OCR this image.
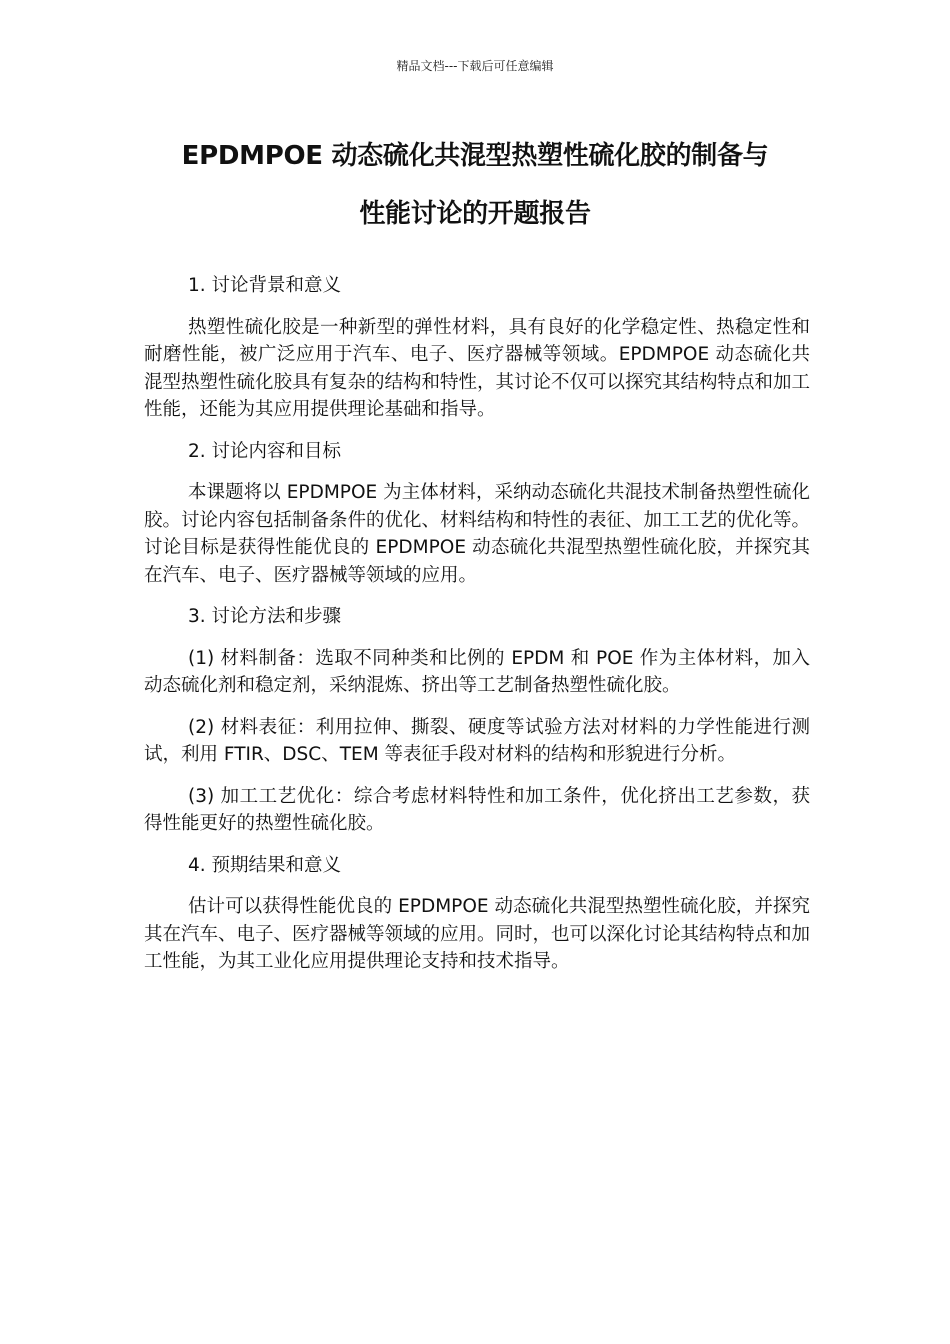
精品文档---下载后可任意编辑
EPDMPOE 动态硫化共混型热塑性硫化胶的制备与
性能讨论的开题报告

1. 讨论背景和意义

热塑性硫化胶是一种新型的弹性材料，具有良好的化学稳定性、热稳定性和耐磨性能，被广泛应用于汽车、电子、医疗器械等领域。EPDMPOE 动态硫化共混型热塑性硫化胶具有复杂的结构和特性，其讨论不仅可以探究其结构特点和加工性能，还能为其应用提供理论基础和指导。

2. 讨论内容和目标

本课题将以 EPDMPOE 为主体材料，采纳动态硫化共混技术制备热塑性硫化胶。讨论内容包括制备条件的优化、材料结构和特性的表征、加工工艺的优化等。讨论目标是获得性能优良的 EPDMPOE 动态硫化共混型热塑性硫化胶，并探究其在汽车、电子、医疗器械等领域的应用。

3. 讨论方法和步骤

(1) 材料制备：选取不同种类和比例的 EPDM 和 POE 作为主体材料，加入动态硫化剂和稳定剂，采纳混炼、挤出等工艺制备热塑性硫化胶。

(2) 材料表征：利用拉伸、撕裂、硬度等试验方法对材料的力学性能进行测试，利用 FTIR、DSC、TEM 等表征手段对材料的结构和形貌进行分析。

(3) 加工工艺优化：综合考虑材料特性和加工条件，优化挤出工艺参数，获得性能更好的热塑性硫化胶。

4. 预期结果和意义

估计可以获得性能优良的 EPDMPOE 动态硫化共混型热塑性硫化胶，并探究其在汽车、电子、医疗器械等领域的应用。同时，也可以深化讨论其结构特点和加工性能，为其工业化应用提供理论支持和技术指导。
